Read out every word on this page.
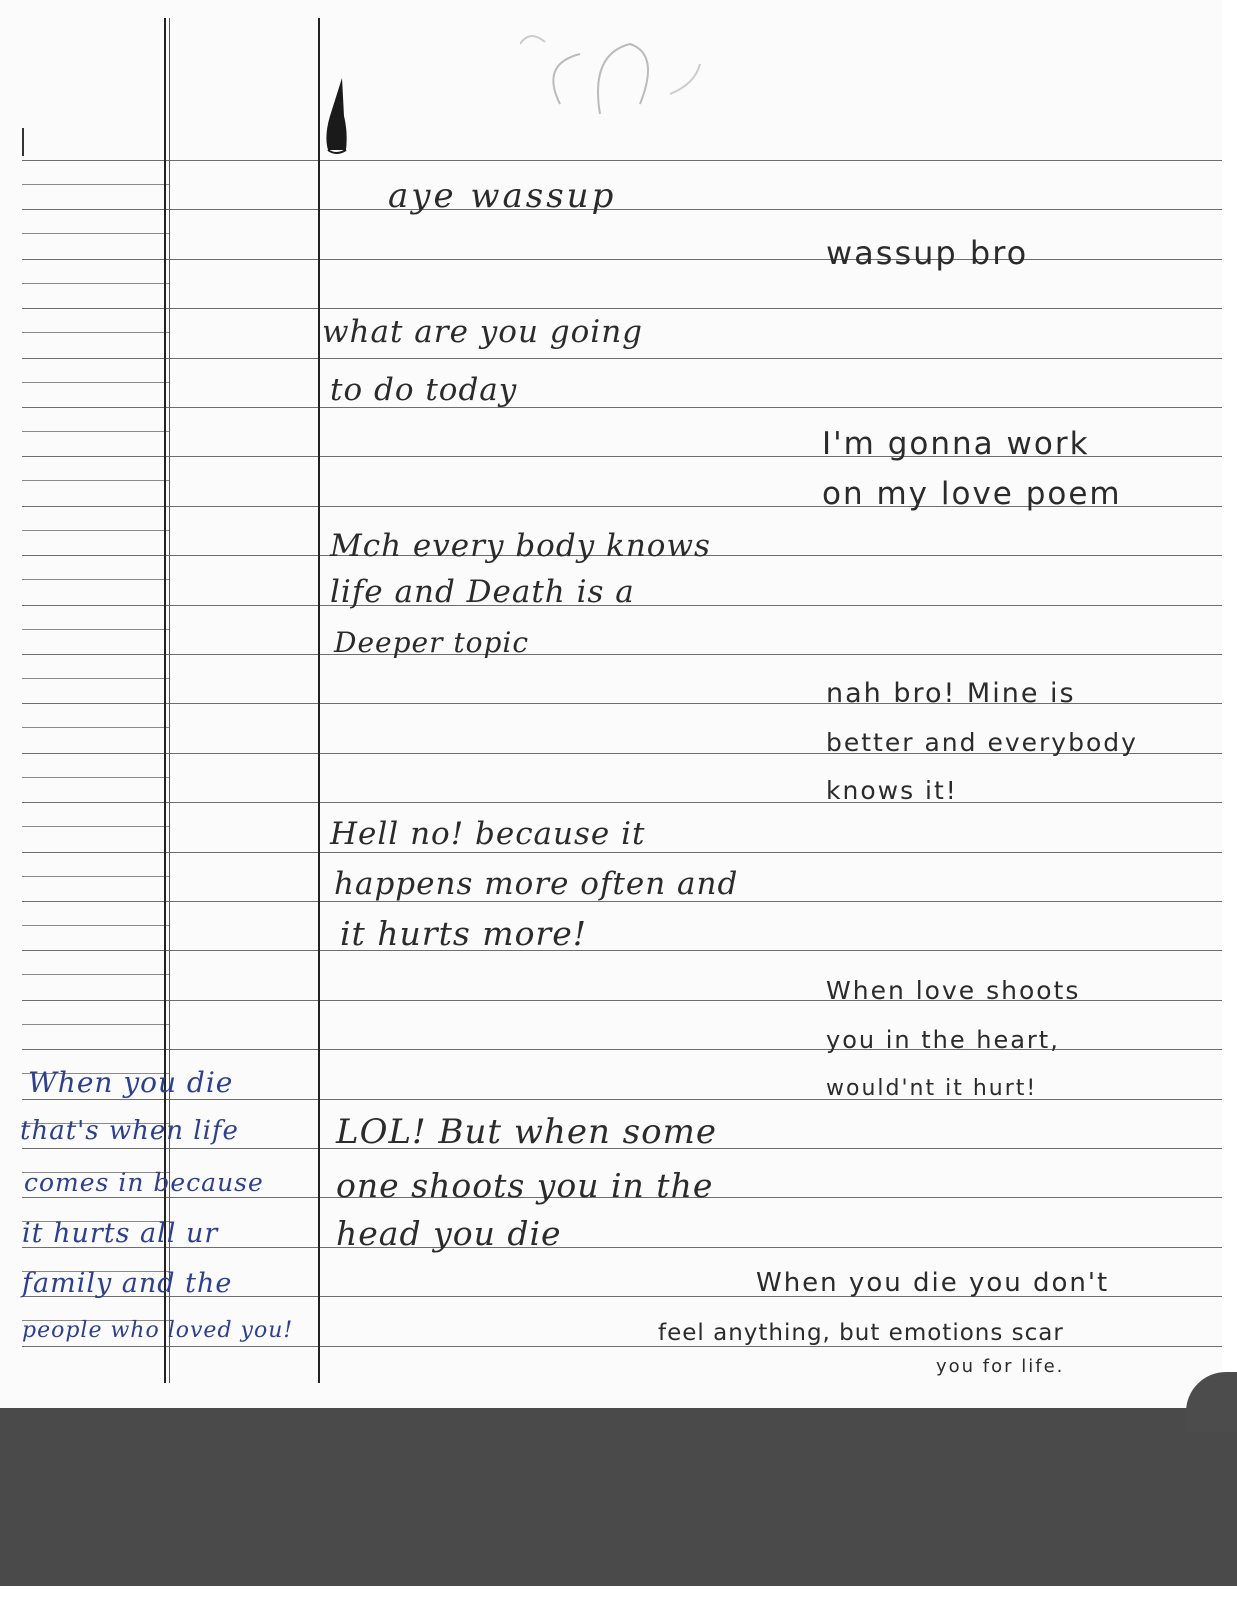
aye wassup
wassup bro
what are you going
to do today
I'm gonna work
on my love poem
Mch every body knows
life and Death is a
Deeper topic
nah bro! Mine is
better and everybody
knows it!
Hell no! because it
happens more often and
it hurts more!
When love shoots
you in the heart,
would'nt it hurt!
LOL! But when some
one shoots you in the
head you die
When you die you don't
feel anything, but emotions scar
you for life.
When you die
that's when life
comes in because
it hurts all ur
family and the
people who loved you!
